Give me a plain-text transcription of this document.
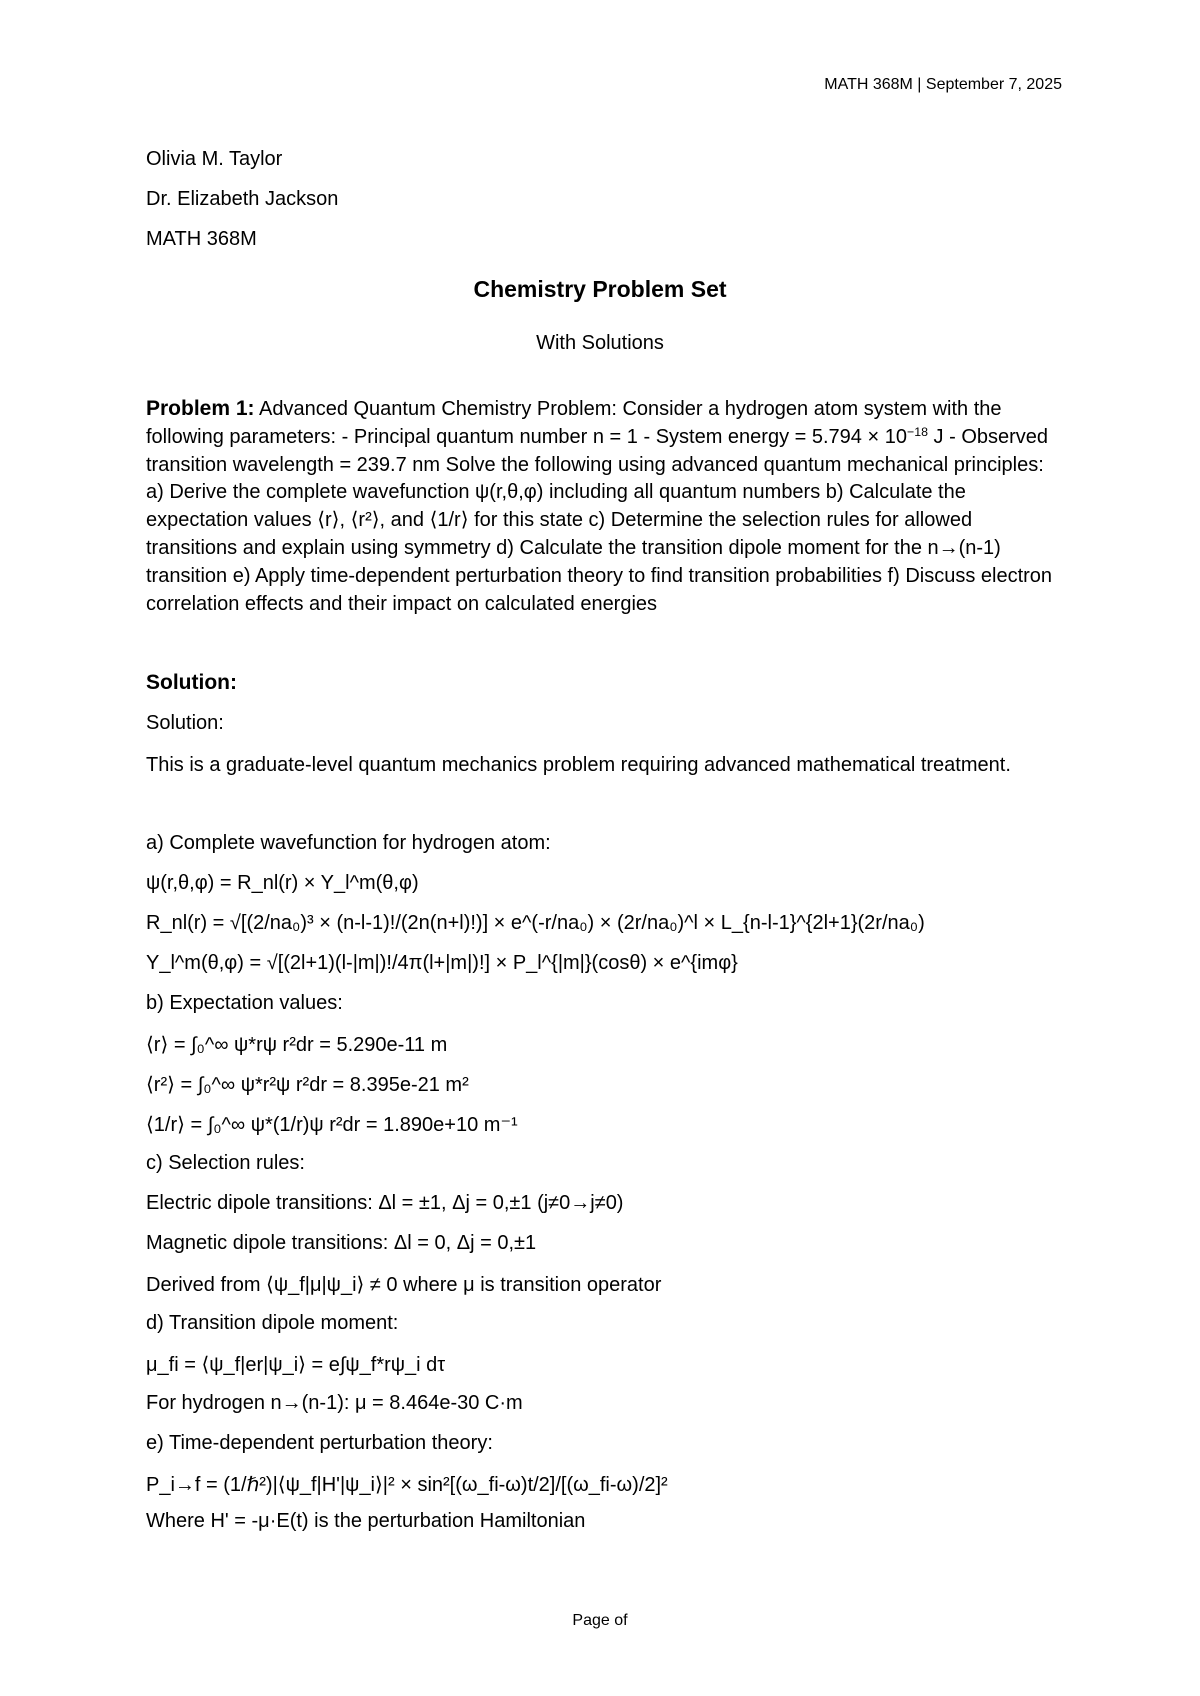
MATH 368M | September 7, 2025
Olivia M. Taylor
Dr. Elizabeth Jackson
MATH 368M
Chemistry Problem Set
With Solutions
Problem 1: Advanced Quantum Chemistry Problem: Consider a hydrogen atom system with the following parameters: - Principal quantum number n = 1 - System energy = $5.794 \times 10^{-18}$ J - Observed transition wavelength = 239.7 nm Solve the following using advanced quantum mechanical principles: a) Derive the complete wavefunction ψ(r,θ,φ) including all quantum numbers b) Calculate the expectation values ⟨r⟩, ⟨r²⟩, and ⟨1/r⟩ for this state c) Determine the selection rules for allowed transitions and explain using symmetry d) Calculate the transition dipole moment for the n→(n-1) transition e) Apply time-dependent perturbation theory to find transition probabilities f) Discuss electron correlation effects and their impact on calculated energies
Solution:
Solution:
This is a graduate-level quantum mechanics problem requiring advanced mathematical treatment.
a) Complete wavefunction for hydrogen atom:
ψ(r,θ,φ) = R_nl(r) × Y_l^m(θ,φ)
R_nl(r) = √[(2/na₀)³ × (n-l-1)!/(2n(n+l)!)] × e^(-r/na₀) × (2r/na₀)^l × L_{n-l-1}^{2l+1}(2r/na₀)
Y_l^m(θ,φ) = √[(2l+1)(l-|m|)!/4π(l+|m|)!] × P_l^{|m|}(cosθ) × e^{imφ}
b) Expectation values:
⟨r⟩ = ∫₀^∞ ψ*rψ r²dr = 5.290e-11 m
⟨r²⟩ = ∫₀^∞ ψ*r²ψ r²dr = 8.395e-21 m²
⟨1/r⟩ = ∫₀^∞ ψ*(1/r)ψ r²dr = 1.890e+10 m⁻¹
c) Selection rules:
Electric dipole transitions: Δl = ±1, Δj = 0,±1 (j≠0→j≠0)
Magnetic dipole transitions: Δl = 0, Δj = 0,±1
Derived from ⟨ψ_f|μ|ψ_i⟩ ≠ 0 where μ is transition operator
d) Transition dipole moment:
μ_fi = ⟨ψ_f|er|ψ_i⟩ = e∫ψ_f*rψ_i dτ
For hydrogen n→(n-1): μ = 8.464e-30 C·m
e) Time-dependent perturbation theory:
P_i→f = (1/ℏ²)|⟨ψ_f|H'|ψ_i⟩|² × sin²[(ω_fi-ω)t/2]/[(ω_fi-ω)/2]²
Where H' = -μ·E(t) is the perturbation Hamiltonian
Page of
